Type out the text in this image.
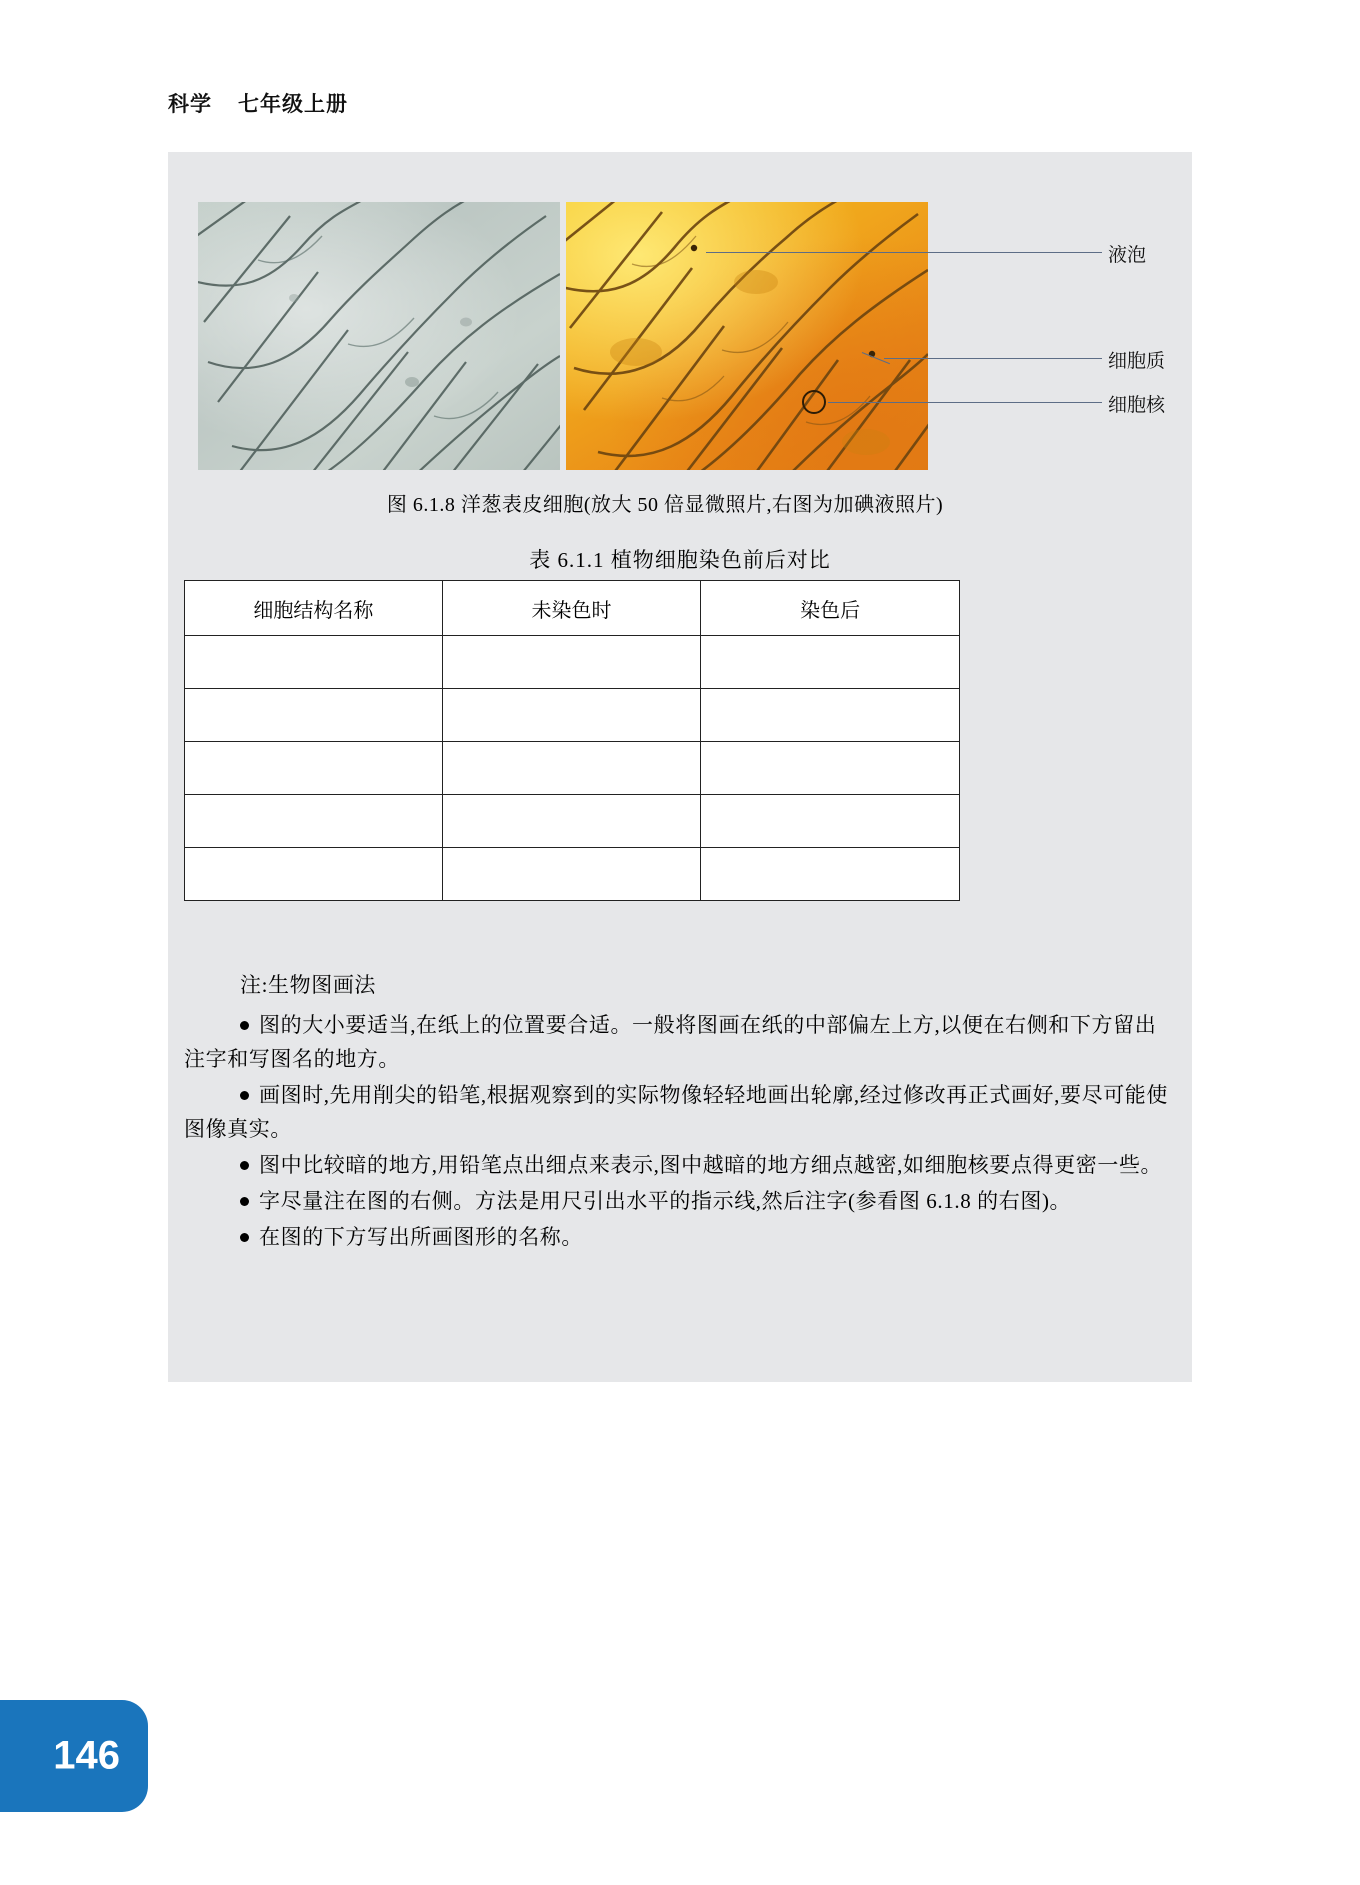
科学 七年级上册
液泡
细胞质
细胞核
图 6.1.8 洋葱表皮细胞(放大 50 倍显微照片,右图为加碘液照片)
表 6.1.1 植物细胞染色前后对比
细胞结构名称	未染色时	染色后

注:生物图画法

图的大小要适当,在纸上的位置要合适。一般将图画在纸的中部偏左上方,以便在右侧和下方留出注字和写图名的地方。

画图时,先用削尖的铅笔,根据观察到的实际物像轻轻地画出轮廓,经过修改再正式画好,要尽可能使图像真实。

图中比较暗的地方,用铅笔点出细点来表示,图中越暗的地方细点越密,如细胞核要点得更密一些。

字尽量注在图的右侧。方法是用尺引出水平的指示线,然后注字(参看图 6.1.8 的右图)。

在图的下方写出所画图形的名称。

146
